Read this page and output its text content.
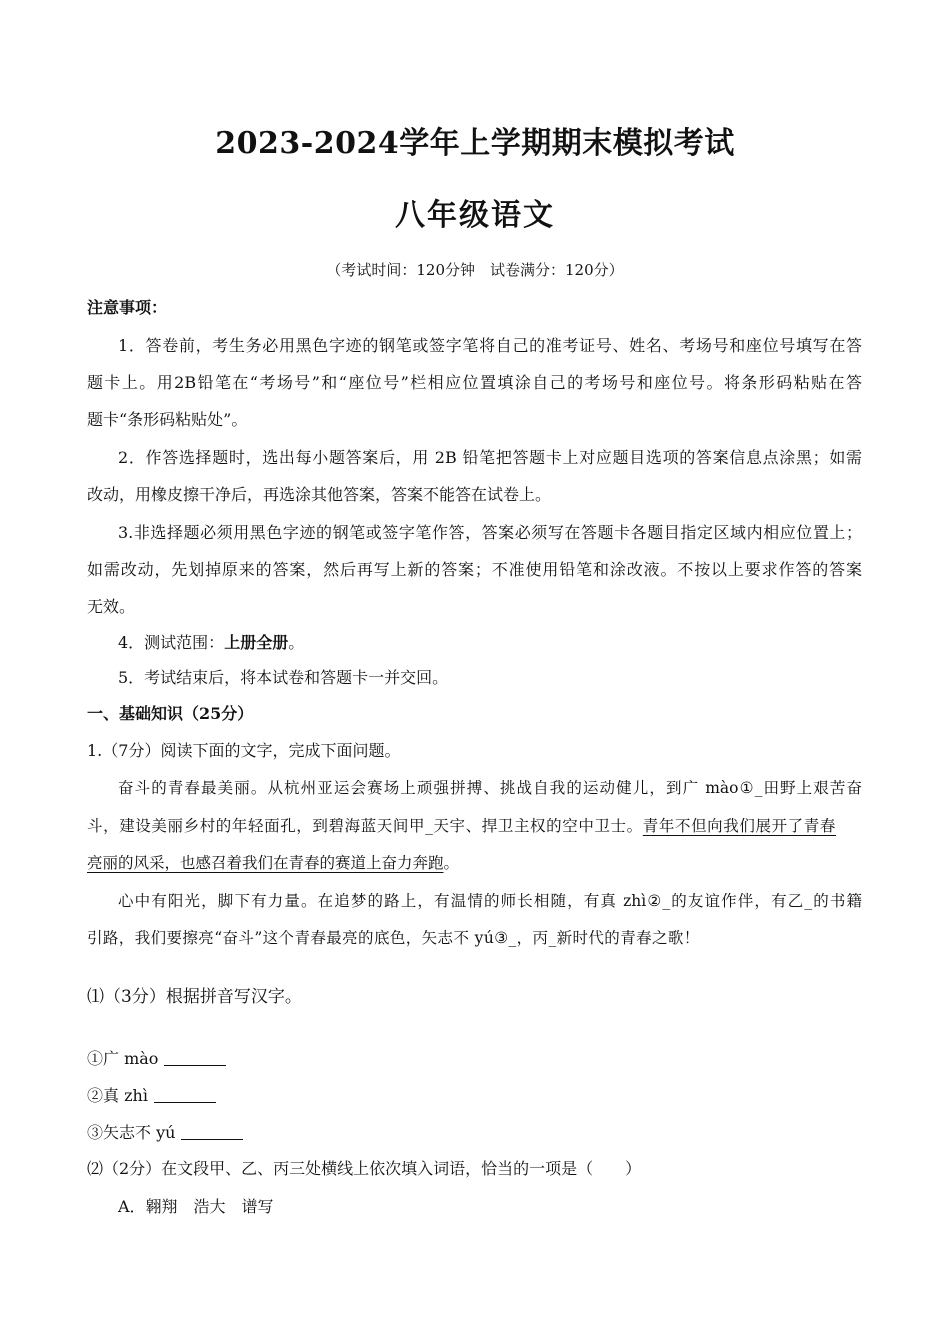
2023-2024学年上学期期末模拟考试
八年级语文
（考试时间：120分钟　试卷满分：120分）
注意事项：
1．答卷前，考生务必用黑色字迹的钢笔或签字笔将自己的准考证号、姓名、考场号和座位号填写在答
题卡上。用2B铅笔在“考场号”和“座位号”栏相应位置填涂自己的考场号和座位号。将条形码粘贴在答
题卡“条形码粘贴处”。
2．作答选择题时，选出每小题答案后，用 2B 铅笔把答题卡上对应题目选项的答案信息点涂黑；如需
改动，用橡皮擦干净后，再选涂其他答案，答案不能答在试卷上。
3.非选择题必须用黑色字迹的钢笔或签字笔作答，答案必须写在答题卡各题目指定区域内相应位置上；
如需改动，先划掉原来的答案，然后再写上新的答案；不准使用铅笔和涂改液。不按以上要求作答的答案
无效。
4．测试范围：上册全册。
5．考试结束后，将本试卷和答题卡一并交回。
一、基础知识（25分）
1.（7分）阅读下面的文字，完成下面问题。
奋斗的青春最美丽。从杭州亚运会赛场上顽强拼搏、挑战自我的运动健儿，到广 mào①_田野上艰苦奋
斗，建设美丽乡村的年轻面孔，到碧海蓝天间甲_天宇、捍卫主权的空中卫士。青年不但向我们展开了青春
亮丽的风采，也感召着我们在青春的赛道上奋力奔跑。
心中有阳光，脚下有力量。在追梦的路上，有温情的师长相随，有真 zhì②_的友谊作伴，有乙_的书籍
引路，我们要擦亮“奋斗”这个青春最亮的底色，矢志不 yú③_，丙_新时代的青春之歌！
⑴（3分）根据拼音写汉字。
①广 mào
②真 zhì
③矢志不 yú
⑵（2分）在文段甲、乙、丙三处横线上依次填入词语，恰当的一项是（　　）
A．翱翔　浩大　谱写
